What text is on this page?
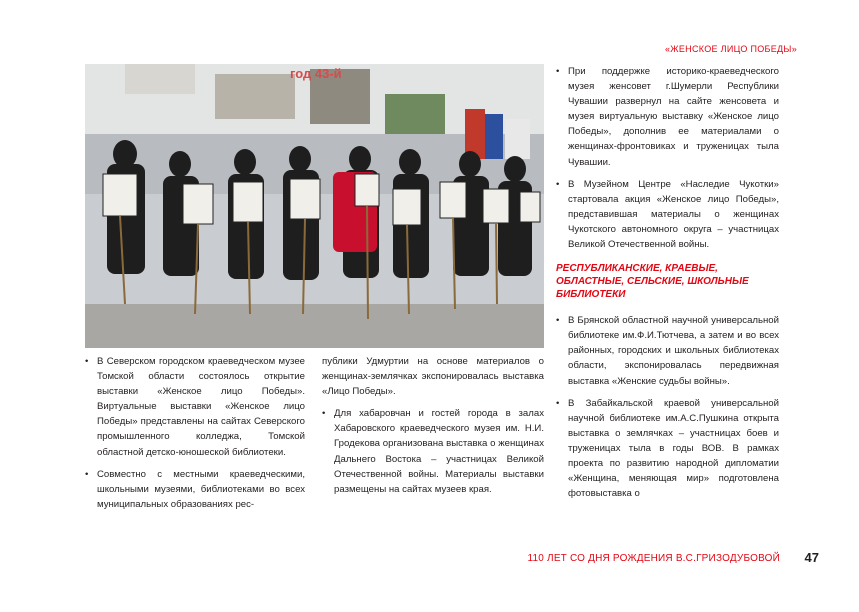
«ЖЕНСКОЕ ЛИЦО ПОБЕДЫ»
год 43-й
• В Северском городском краеведческом музее Томской области состоялось открытие выставки «Женское лицо Победы». Виртуальные выставки «Женское лицо Победы» представлены на сайтах Северского промышленного колледжа, Томской областной детско-юношеской библиотеки.
• Совместно с местными краеведческими, школьными музеями, библиотеками во всех муниципальных образованиях рес-

публики Удмуртии на основе материалов о женщинах-землячках экспонировалась выставка «Лицо Победы».

• Для хабаровчан и гостей города в залах Хабаровского краеведческого музея им. Н.И. Гродекова организована выставка о женщинах Дальнего Востока – участницах Великой Отечественной войны. Материалы выставки размещены на сайтах музеев края.
• При поддержке историко-краеведческого музея женсовет г.Шумерли Республики Чувашии развернул на сайте женсовета и музея виртуальную выставку «Женское лицо Победы», дополнив ее материалами о женщинах-фронтовиках и труженицах тыла Чувашии.
• В Музейном Центре «Наследие Чукотки» стартовала акция «Женское лицо Победы», представившая материалы о женщинах Чукотского автономного округа – участницах Великой Отечественной войны.
РЕСПУБЛИКАНСКИЕ, КРАЕВЫЕ, ОБЛАСТНЫЕ, СЕЛЬСКИЕ, ШКОЛЬНЫЕ БИБЛИОТЕКИ
• В Брянской областной научной универсальной библиотеке им.Ф.И.Тютчева, а затем и во всех районных, городских и школьных библиотеках области, экспонировалась передвижная выставка «Женские судьбы войны».
• В Забайкальской краевой универсальной научной библиотеке им.А.С.Пушкина открыта выставка о землячках – участницах боев и труженицах тыла в годы ВОВ. В рамках проекта по развитию народной дипломатии «Женщина, меняющая мир» подготовлена фотовыставка о
110 ЛЕТ СО ДНЯ РОЖДЕНИЯ В.С.ГРИЗОДУБОВОЙ 47
